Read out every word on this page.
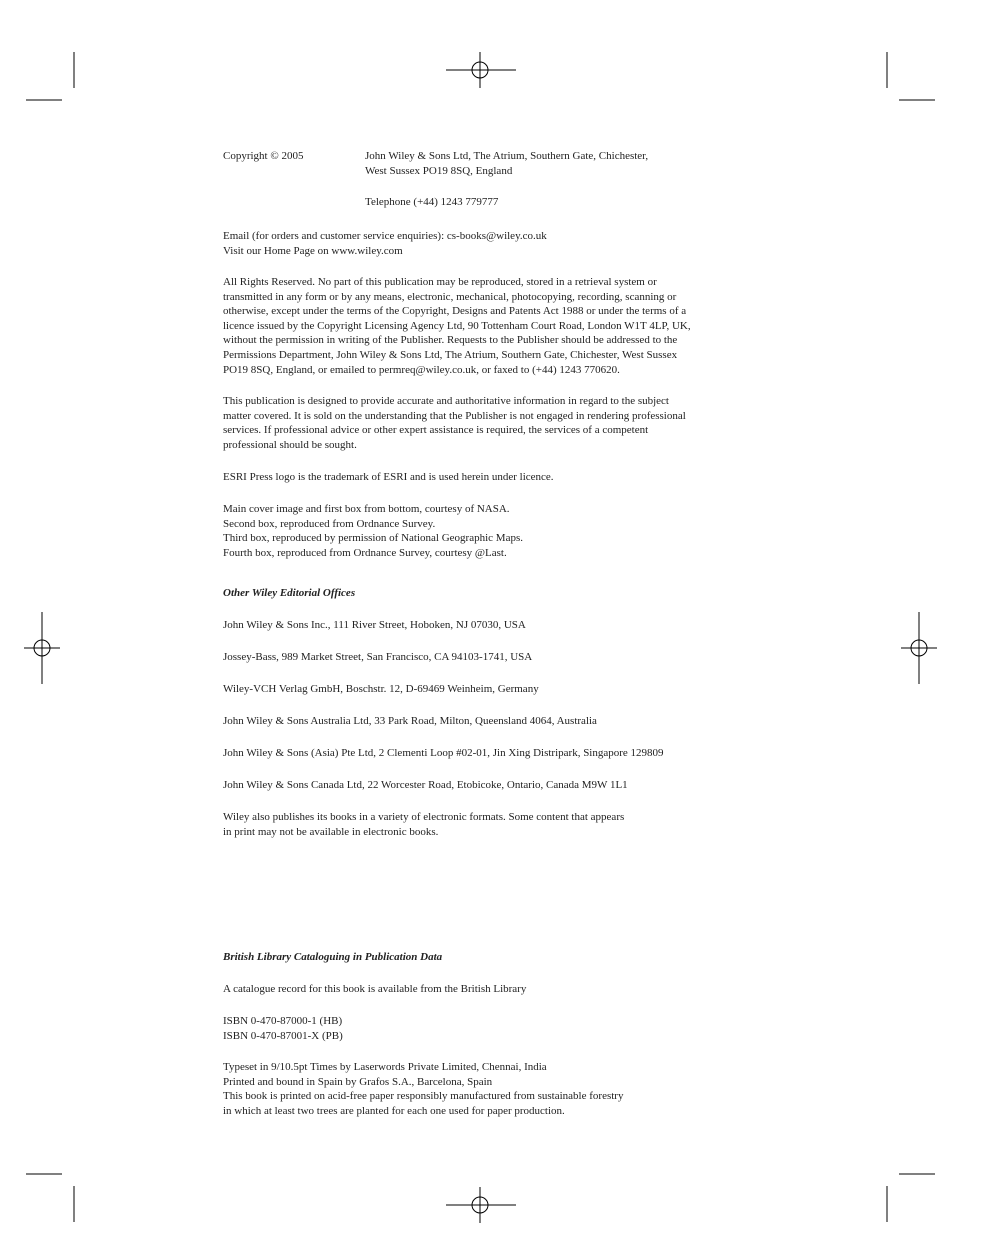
Copyright © 2005	John Wiley & Sons Ltd, The Atrium, Southern Gate, Chichester,
West Sussex PO19 8SQ, England

Telephone (+44) 1243 779777

Email (for orders and customer service enquiries): cs-books@wiley.co.uk
Visit our Home Page on www.wiley.com
All Rights Reserved. No part of this publication may be reproduced, stored in a retrieval system or
transmitted in any form or by any means, electronic, mechanical, photocopying, recording, scanning or
otherwise, except under the terms of the Copyright, Designs and Patents Act 1988 or under the terms of a
licence issued by the Copyright Licensing Agency Ltd, 90 Tottenham Court Road, London W1T 4LP, UK,
without the permission in writing of the Publisher. Requests to the Publisher should be addressed to the
Permissions Department, John Wiley & Sons Ltd, The Atrium, Southern Gate, Chichester, West Sussex
PO19 8SQ, England, or emailed to permreq@wiley.co.uk, or faxed to (+44) 1243 770620.
This publication is designed to provide accurate and authoritative information in regard to the subject
matter covered. It is sold on the understanding that the Publisher is not engaged in rendering professional
services. If professional advice or other expert assistance is required, the services of a competent
professional should be sought.

ESRI Press logo is the trademark of ESRI and is used herein under licence.

Main cover image and first box from bottom, courtesy of NASA.
Second box, reproduced from Ordnance Survey.
Third box, reproduced by permission of National Geographic Maps.
Fourth box, reproduced from Ordnance Survey, courtesy @Last.

Other Wiley Editorial Offices

John Wiley & Sons Inc., 111 River Street, Hoboken, NJ 07030, USA

Jossey-Bass, 989 Market Street, San Francisco, CA 94103-1741, USA

Wiley-VCH Verlag GmbH, Boschstr. 12, D-69469 Weinheim, Germany

John Wiley & Sons Australia Ltd, 33 Park Road, Milton, Queensland 4064, Australia

John Wiley & Sons (Asia) Pte Ltd, 2 Clementi Loop #02-01, Jin Xing Distripark, Singapore 129809

John Wiley & Sons Canada Ltd, 22 Worcester Road, Etobicoke, Ontario, Canada M9W 1L1

Wiley also publishes its books in a variety of electronic formats. Some content that appears
in print may not be available in electronic books.

British Library Cataloguing in Publication Data

A catalogue record for this book is available from the British Library

ISBN 0-470-87000-1 (HB)
ISBN 0-470-87001-X (PB)
Typeset in 9/10.5pt Times by Laserwords Private Limited, Chennai, India
Printed and bound in Spain by Grafos S.A., Barcelona, Spain
This book is printed on acid-free paper responsibly manufactured from sustainable forestry
in which at least two trees are planted for each one used for paper production.
